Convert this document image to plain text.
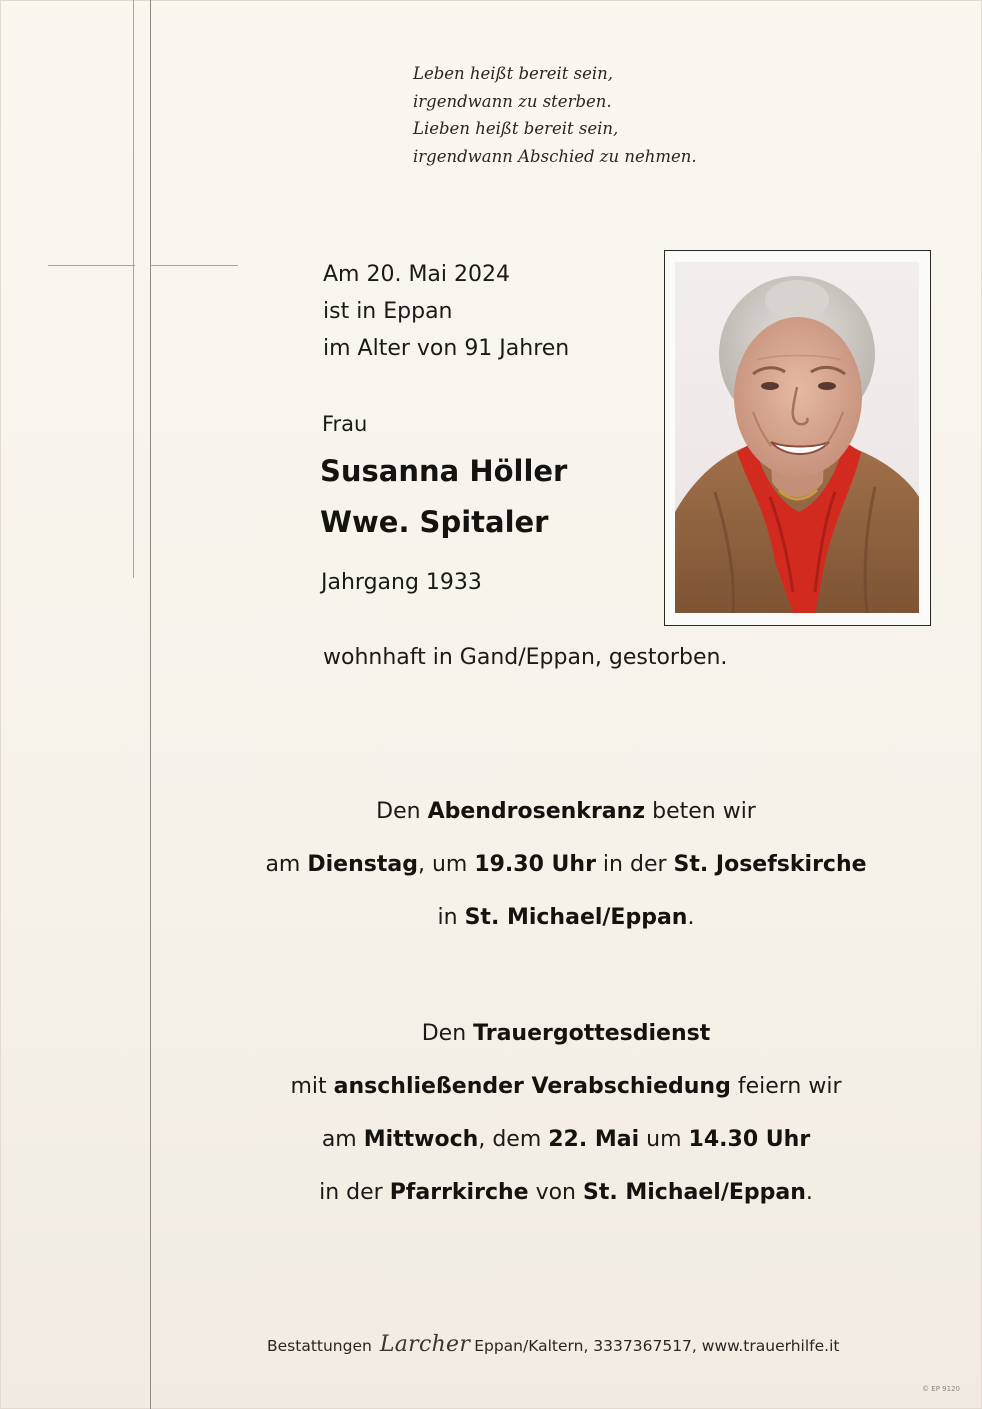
Leben heißt bereit sein,
irgendwann zu sterben.
Lieben heißt bereit sein,
irgendwann Abschied zu nehmen.
Am 20. Mai 2024
ist in Eppan
im Alter von 91 Jahren
Frau
Susanna Höller
Wwe. Spitaler
Jahrgang 1933
wohnhaft in Gand/Eppan, gestorben.
Den Abendrosenkranz beten wir
am Dienstag, um 19.30 Uhr in der St. Josefskirche
in St. Michael/Eppan.
Den Trauergottesdienst
mit anschließender Verabschiedung feiern wir
am Mittwoch, dem 22. Mai um 14.30 Uhr
in der Pfarrkirche von St. Michael/Eppan.
Bestattungen Larcher Eppan/Kaltern, 3337367517, www.trauerhilfe.it
© EP 9120
